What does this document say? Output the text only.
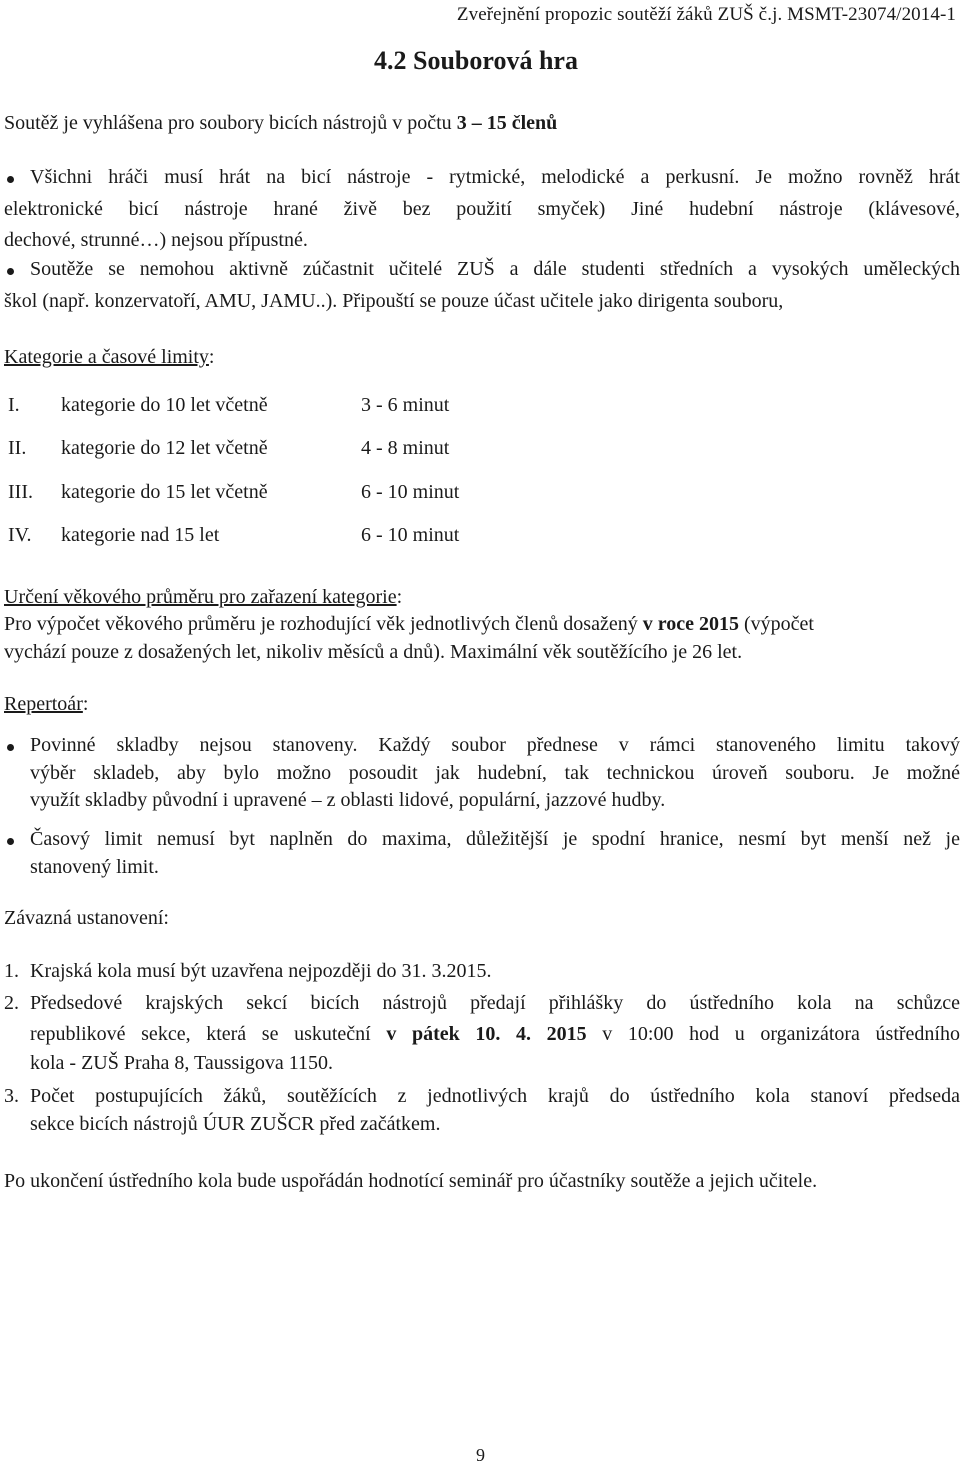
Zveřejnění propozic soutěží žáků ZUŠ č.j. MSMT-23074/2014-1
4.2 Souborová hra
Soutěž je vyhlášena pro soubory bicích nástrojů v počtu 3 – 15 členů
Všichni hráči musí hrát na bicí nástroje - rytmické, melodické a perkusní. Je možno rovněž hrát
elektronické bicí nástroje hrané živě bez použití smyček) Jiné hudební nástroje (klávesové,
dechové, strunné…) nejsou přípustné.
Soutěže se nemohou aktivně zúčastnit učitelé ZUŠ a dále studenti středních a vysokých uměleckých
škol (např. konzervatoří, AMU, JAMU..). Připouští se pouze účast učitele jako dirigenta souboru,
Kategorie a časové limity:
I. kategorie do 10 let včetně	3 - 6 minut
II. kategorie do 12 let včetně	4 - 8 minut
III. kategorie do 15 let včetně	6 - 10 minut
IV. kategorie nad 15 let	6 - 10 minut
Určení věkového průměru pro zařazení kategorie:
Pro výpočet věkového průměru je rozhodující věk jednotlivých členů dosažený v roce 2015 (výpočet
vychází pouze z dosažených let, nikoliv měsíců a dnů). Maximální věk soutěžícího je 26 let.
Repertoár:
Povinné skladby nejsou stanoveny. Každý soubor přednese v rámci stanoveného limitu takový
výběr skladeb, aby bylo možno posoudit jak hudební, tak technickou úroveň souboru. Je možné
využít skladby původní i upravené – z oblasti lidové, populární, jazzové hudby.
Časový limit nemusí byt naplněn do maxima, důležitější je spodní hranice, nesmí byt menší než je
stanovený limit.
Závazná ustanovení:
1. Krajská kola musí být uzavřena nejpozději do 31. 3.2015.
2. Předsedové krajských sekcí bicích nástrojů předají přihlášky do ústředního kola na schůzce
republikové sekce, která se uskuteční v pátek 10. 4. 2015 v 10:00 hod u organizátora ústředního
kola - ZUŠ Praha 8, Taussigova 1150.
3. Počet postupujících žáků, soutěžících z jednotlivých krajů do ústředního kola stanoví předseda
sekce bicích nástrojů ÚUR ZUŠCR před začátkem.
Po ukončení ústředního kola bude uspořádán hodnotící seminář pro účastníky soutěže a jejich učitele.
9
